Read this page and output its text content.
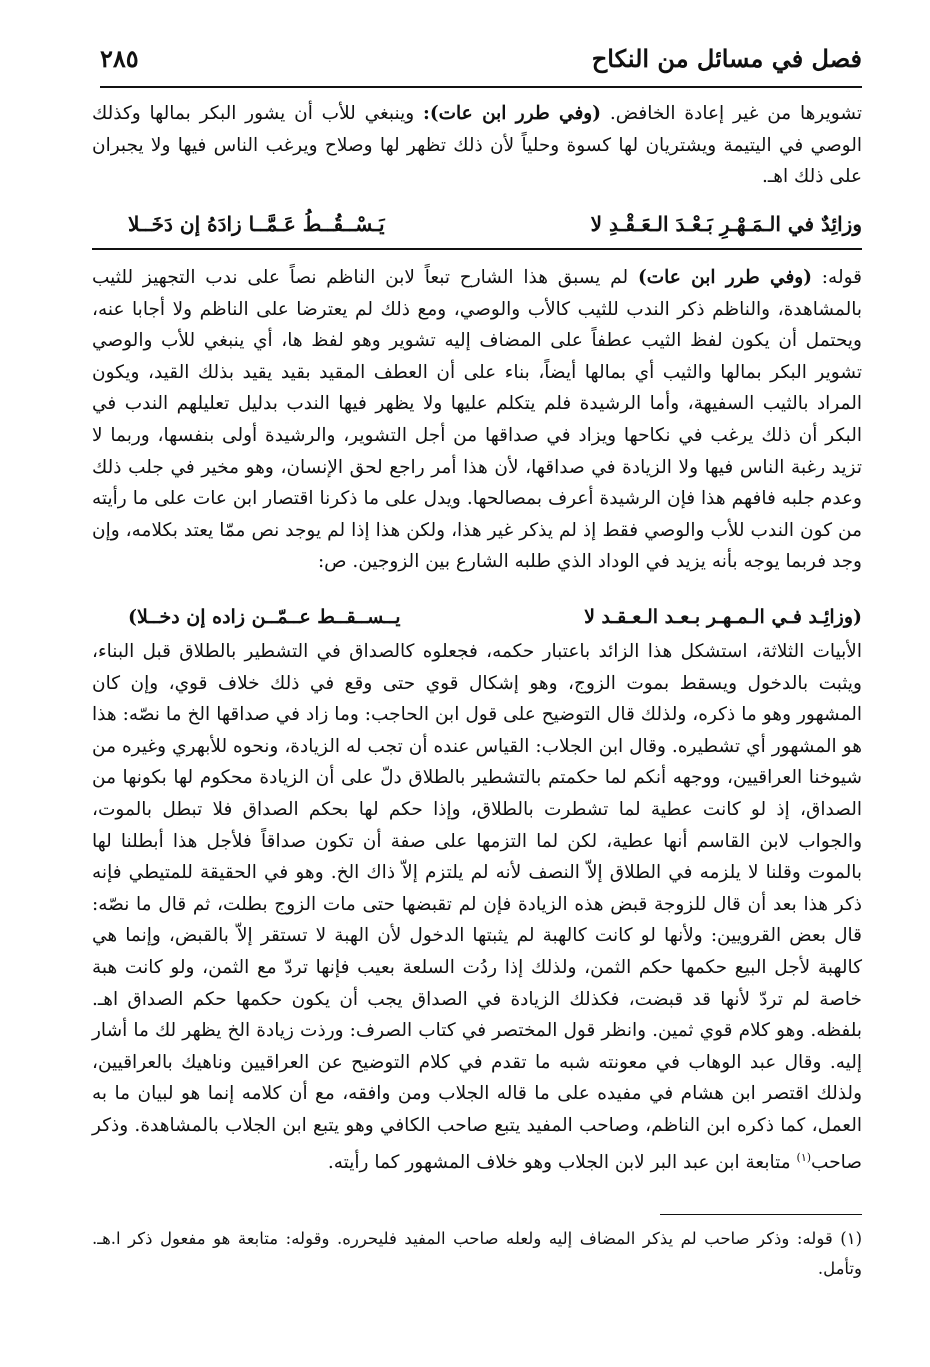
فصل في مسائل من النكاح
٢٨٥

تشويرها من غير إعادة الخافض. (وفي طرر ابن عات): وينبغي للأب أن يشور البكر بمالها وكذلك الوصي في اليتيمة ويشتريان لها كسوة وحلياً لأن ذلك تظهر لها وصلاح ويرغب الناس فيها ولا يجبران على ذلك اهـ.

وزائِدٌ في الـمَـهْـرِ بَـعْـدَ الـعَـقْـدِ لا
يَـسْــقُــطُ عَـمَّــا زادَهُ إن دَخَــلا

قوله: (وفي طرر ابن عات) لم يسبق هذا الشارح تبعاً لابن الناظم نصاً على ندب التجهيز للثيب بالمشاهدة، والناظم ذكر الندب للثيب كالأب والوصي، ومع ذلك لم يعترضا على الناظم ولا أجابا عنه، ويحتمل أن يكون لفظ الثيب عطفاً على المضاف إليه تشوير وهو لفظ ها، أي ينبغي للأب والوصي تشوير البكر بمالها والثيب أي بمالها أيضاً، بناء على أن العطف المقيد بقيد يقيد بذلك القيد، ويكون المراد بالثيب السفيهة، وأما الرشيدة فلم يتكلم عليها ولا يظهر فيها الندب بدليل تعليلهم الندب في البكر أن ذلك يرغب في نكاحها ويزاد في صداقها من أجل التشوير، والرشيدة أولى بنفسها، وربما لا تزيد رغبة الناس فيها ولا الزيادة في صداقها، لأن هذا أمر راجع لحق الإنسان، وهو مخير في جلب ذلك وعدم جلبه فافهم هذا فإن الرشيدة أعرف بمصالحها. ويدل على ما ذكرنا اقتصار ابن عات على ما رأيته من كون الندب للأب والوصي فقط إذ لم يذكر غير هذا، ولكن هذا إذا لم يوجد نص ممّا يعتد بكلامه، وإن وجد فربما يوجه بأنه يزيد في الوداد الذي طلبه الشارع بين الزوجين. ص:

(وزائِـد فـي الـمـهـر بـعـد الـعـقـد لا
يــســقــط عــمّــن زاده إن دخــلا)

الأبيات الثلاثة، استشكل هذا الزائد باعتبار حكمه، فجعلوه كالصداق في التشطير بالطلاق قبل البناء، ويثبت بالدخول ويسقط بموت الزوج، وهو إشكال قوي حتى وقع في ذلك خلاف قوي، وإن كان المشهور وهو ما ذكره، ولذلك قال التوضيح على قول ابن الحاجب: وما زاد في صداقها الخ ما نصّه: هذا هو المشهور أي تشطيره. وقال ابن الجلاب: القياس عنده أن تجب له الزيادة، ونحوه للأبهري وغيره من شيوخنا العراقيين، ووجهه أنكم لما حكمتم بالتشطير بالطلاق دلّ على أن الزيادة محكوم لها بكونها من الصداق، إذ لو كانت عطية لما تشطرت بالطلاق، وإذا حكم لها بحكم الصداق فلا تبطل بالموت، والجواب لابن القاسم أنها عطية، لكن لما التزمها على صفة أن تكون صداقاً فلأجل هذا أبطلنا لها بالموت وقلنا لا يلزمه في الطلاق إلاّ النصف لأنه لم يلتزم إلاّ ذاك الخ. وهو في الحقيقة للمتيطي فإنه ذكر هذا بعد أن قال للزوجة قبض هذه الزيادة فإن لم تقبضها حتى مات الزوج بطلت، ثم قال ما نصّه: قال بعض القرويين: ولأنها لو كانت كالهبة لم يثبتها الدخول لأن الهبة لا تستقر إلاّ بالقبض، وإنما هي كالهبة لأجل البيع حكمها حكم الثمن، ولذلك إذا ردُت السلعة بعيب فإنها تردّ مع الثمن، ولو كانت هبة خاصة لم تردّ لأنها قد قبضت، فكذلك الزيادة في الصداق يجب أن يكون حكمها حكم الصداق اهـ. بلفظه. وهو كلام قوي ثمين. وانظر قول المختصر في كتاب الصرف: ورذت زيادة الخ يظهر لك ما أشار إليه. وقال عبد الوهاب في معونته شبه ما تقدم في كلام التوضيح عن العراقيين وناهيك بالعراقيين، ولذلك اقتصر ابن هشام في مفيده على ما قاله الجلاب ومن وافقه، مع أن كلامه إنما هو لبيان ما به العمل، كما ذكره ابن الناظم، وصاحب المفيد يتبع صاحب الكافي وهو يتبع ابن الجلاب بالمشاهدة. وذكر صاحب$^{(١)}$ متابعة ابن عبد البر لابن الجلاب وهو خلاف المشهور كما رأيته.

(١) قوله: وذكر صاحب لم يذكر المضاف إليه ولعله صاحب المفيد فليحرره. وقوله: متابعة هو مفعول ذكر ا.هـ. وتأمل.
